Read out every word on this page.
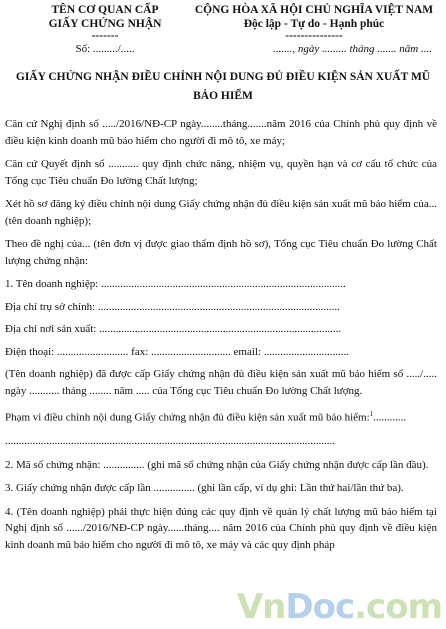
TÊN CƠ QUAN CẤP
GIẤY CHỨNG NHẬN
-------
Số: ........./.....
CỘNG HÒA XÃ HỘI CHỦ NGHĨA VIỆT NAM
Độc lập - Tự do - Hạnh phúc
---------------
......., ngày ......... tháng ....... năm ....
GIẤY CHỨNG NHẬN ĐIỀU CHỈNH NỘI DUNG ĐỦ ĐIỀU KIỆN SẢN XUẤT MŨ
BẢO HIỂM

Căn cứ Nghị định số ...../2016/NĐ-CP ngày........tháng.......năm 2016 của Chính phủ quy định về điều kiện kinh doanh mũ bảo hiểm cho người đi mô tô, xe máy;

Căn cứ Quyết định số ........... quy định chức năng, nhiệm vụ, quyền hạn và cơ cấu tổ chức của Tổng cục Tiêu chuẩn Đo lường Chất lượng;

Xét hồ sơ đăng ký điều chỉnh nội dung Giấy chứng nhận đủ điều kiện sản xuất mũ bảo hiểm của... (tên doanh nghiệp);

Theo đề nghị của... (tên đơn vị được giao thẩm định hồ sơ), Tổng cục Tiêu chuẩn Đo lường Chất lượng chứng nhận:

1. Tên doanh nghiệp: .........................................................................................

Địa chỉ trụ sở chính: ........................................................................................

Địa chỉ nơi sản xuất: ........................................................................................

Điện thoại: .......................... fax: ............................. email: ...............................

(Tên doanh nghiệp) đã được cấp Giấy chứng nhận đủ điều kiện sản xuất mũ bảo hiểm số ...../..... ngày ........... tháng ........ năm ..... của Tổng cục Tiêu chuẩn Đo lường Chất lượng.

Phạm vi điều chỉnh nội dung Giấy chứng nhận đủ điều kiện sản xuất mũ bảo hiểm:$^1$............

........................................................................................................................

2. Mã số chứng nhận: ............... (ghi mã số chứng nhận của Giấy chứng nhận được cấp lần đầu).

3. Giấy chứng nhận được cấp lần ............... (ghi lần cấp, ví dụ ghi: Lần thứ hai/lần thứ ba).

4. (Tên doanh nghiệp) phải thực hiện đúng các quy định về quản lý chất lượng mũ bảo hiểm tại Nghị định số ....../2016/NĐ-CP ngày......tháng.... năm 2016 của Chính phủ quy định về điều kiện kinh doanh mũ bảo hiểm cho người đi mô tô, xe máy và các quy định pháp

VnDoc.com
